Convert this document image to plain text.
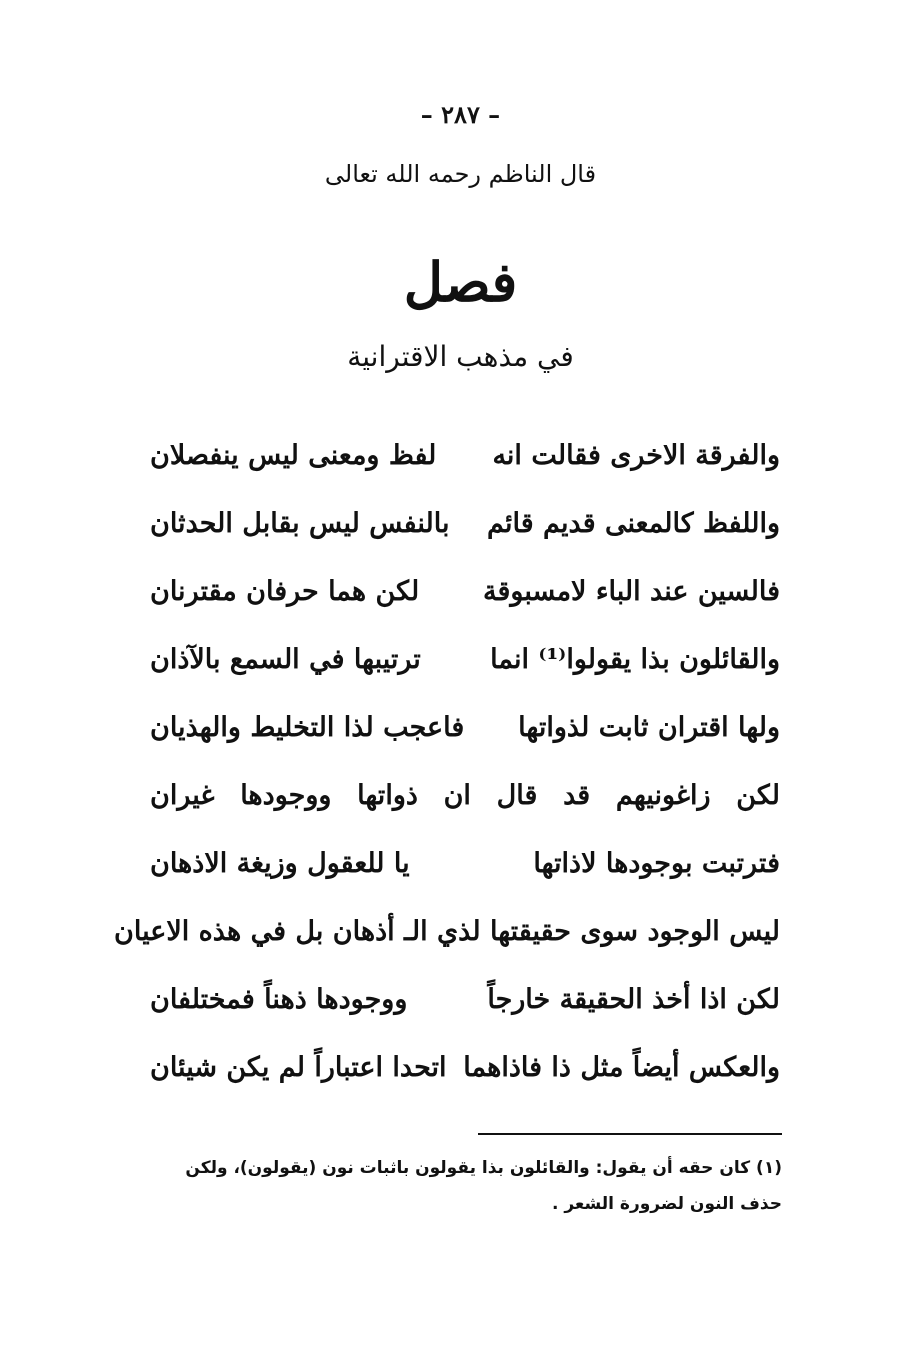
– ٢٨٧ –
قال الناظم رحمه الله تعالى
فصل
في مذهب الاقترانية
والفرقة الاخرى فقالت انه
لفظ ومعنى ليس ينفصلان
واللفظ كالمعنى قديم قائم
بالنفس ليس بقابل الحدثان
فالسين عند الباء لامسبوقة
لكن هما حرفان مقترنان
والقائلون بذا يقولوا⁽¹⁾ انما
ترتيبها في السمع بالآذان
ولها اقتران ثابت لذواتها
فاعجب لذا التخليط والهذيان
لكن زاغونيهم قد قال ان ذواتها ووجودها غيران
فترتبت بوجودها لاذاتها
يا للعقول وزيغة الاذهان
ليس الوجود سوى حقيقتها لذي الـ أذهان بل في هذه الاعيان
لكن اذا أخذ الحقيقة خارجاً
ووجودها ذهناً فمختلفان
والعكس أيضاً مثل ذا فاذاهما
اتحدا اعتباراً لم يكن شيئان
(١) كان حقه أن يقول: والقائلون بذا يقولون باثبات نون (يقولون)، ولكن حذف النون لضرورة الشعر .
